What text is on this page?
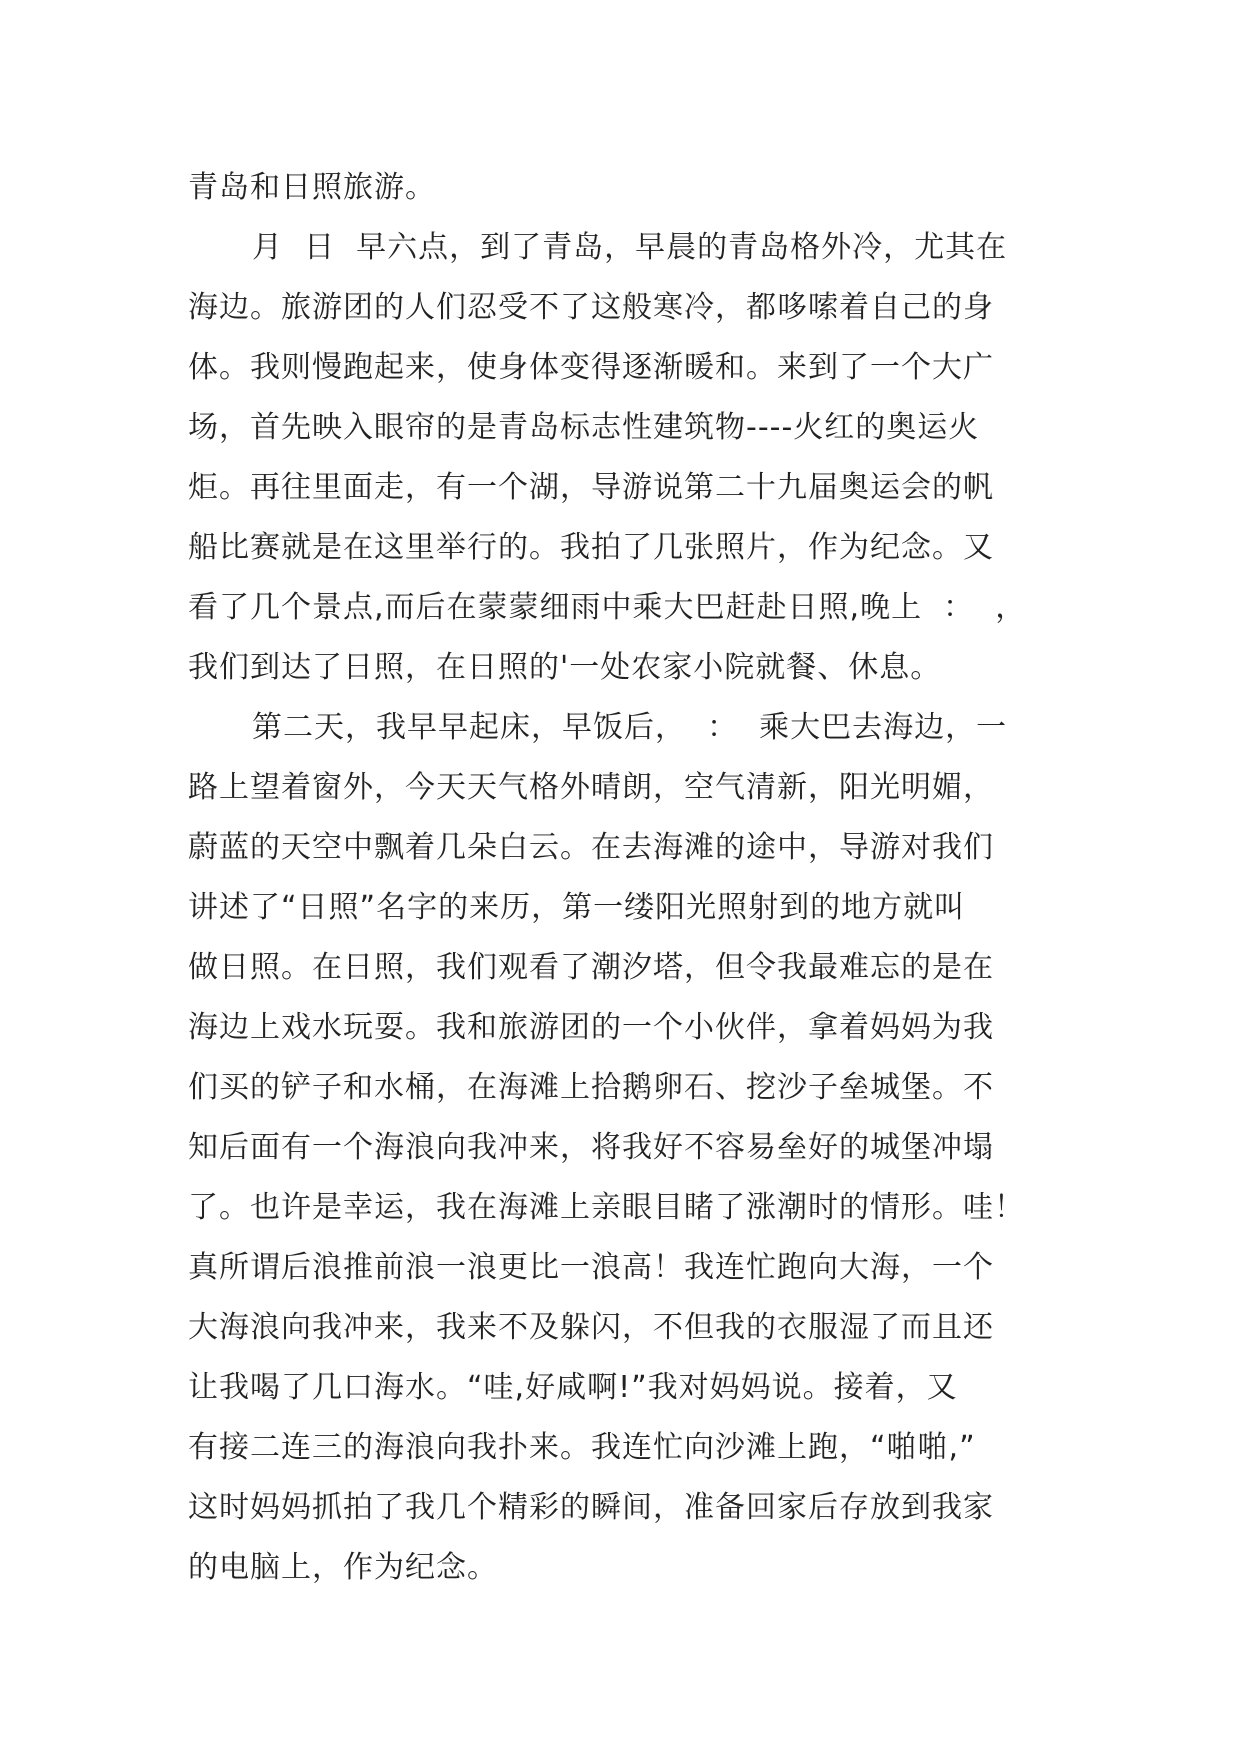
青岛和日照旅游。
月  日  早六点，到了青岛，早晨的青岛格外冷，尤其在
海边。旅游团的人们忍受不了这般寒冷，都哆嗦着自己的身
体。我则慢跑起来，使身体变得逐渐暖和。来到了一个大广
场，首先映入眼帘的是青岛标志性建筑物----火红的奥运火
炬。再往里面走，有一个湖，导游说第二十九届奥运会的帆
船比赛就是在这里举行的。我拍了几张照片，作为纪念。又
看了几个景点,而后在蒙蒙细雨中乘大巴赶赴日照,晚上  ：  ，
我们到达了日照，在日照的'一处农家小院就餐、休息。
第二天，我早早起床，早饭后，  ：  乘大巴去海边，一
路上望着窗外，今天天气格外晴朗，空气清新，阳光明媚，
蔚蓝的天空中飘着几朵白云。在去海滩的途中，导游对我们
讲述了“日照”名字的来历，第一缕阳光照射到的地方就叫
做日照。在日照，我们观看了潮汐塔，但令我最难忘的是在
海边上戏水玩耍。我和旅游团的一个小伙伴，拿着妈妈为我
们买的铲子和水桶，在海滩上拾鹅卵石、挖沙子垒城堡。不
知后面有一个海浪向我冲来，将我好不容易垒好的城堡冲塌
了。也许是幸运，我在海滩上亲眼目睹了涨潮时的情形。哇！
真所谓后浪推前浪一浪更比一浪高！我连忙跑向大海，一个
大海浪向我冲来，我来不及躲闪，不但我的衣服湿了而且还
让我喝了几口海水。“哇,好咸啊!”我对妈妈说。接着，又
有接二连三的海浪向我扑来。我连忙向沙滩上跑，“啪啪,”
这时妈妈抓拍了我几个精彩的瞬间，准备回家后存放到我家
的电脑上，作为纪念。
